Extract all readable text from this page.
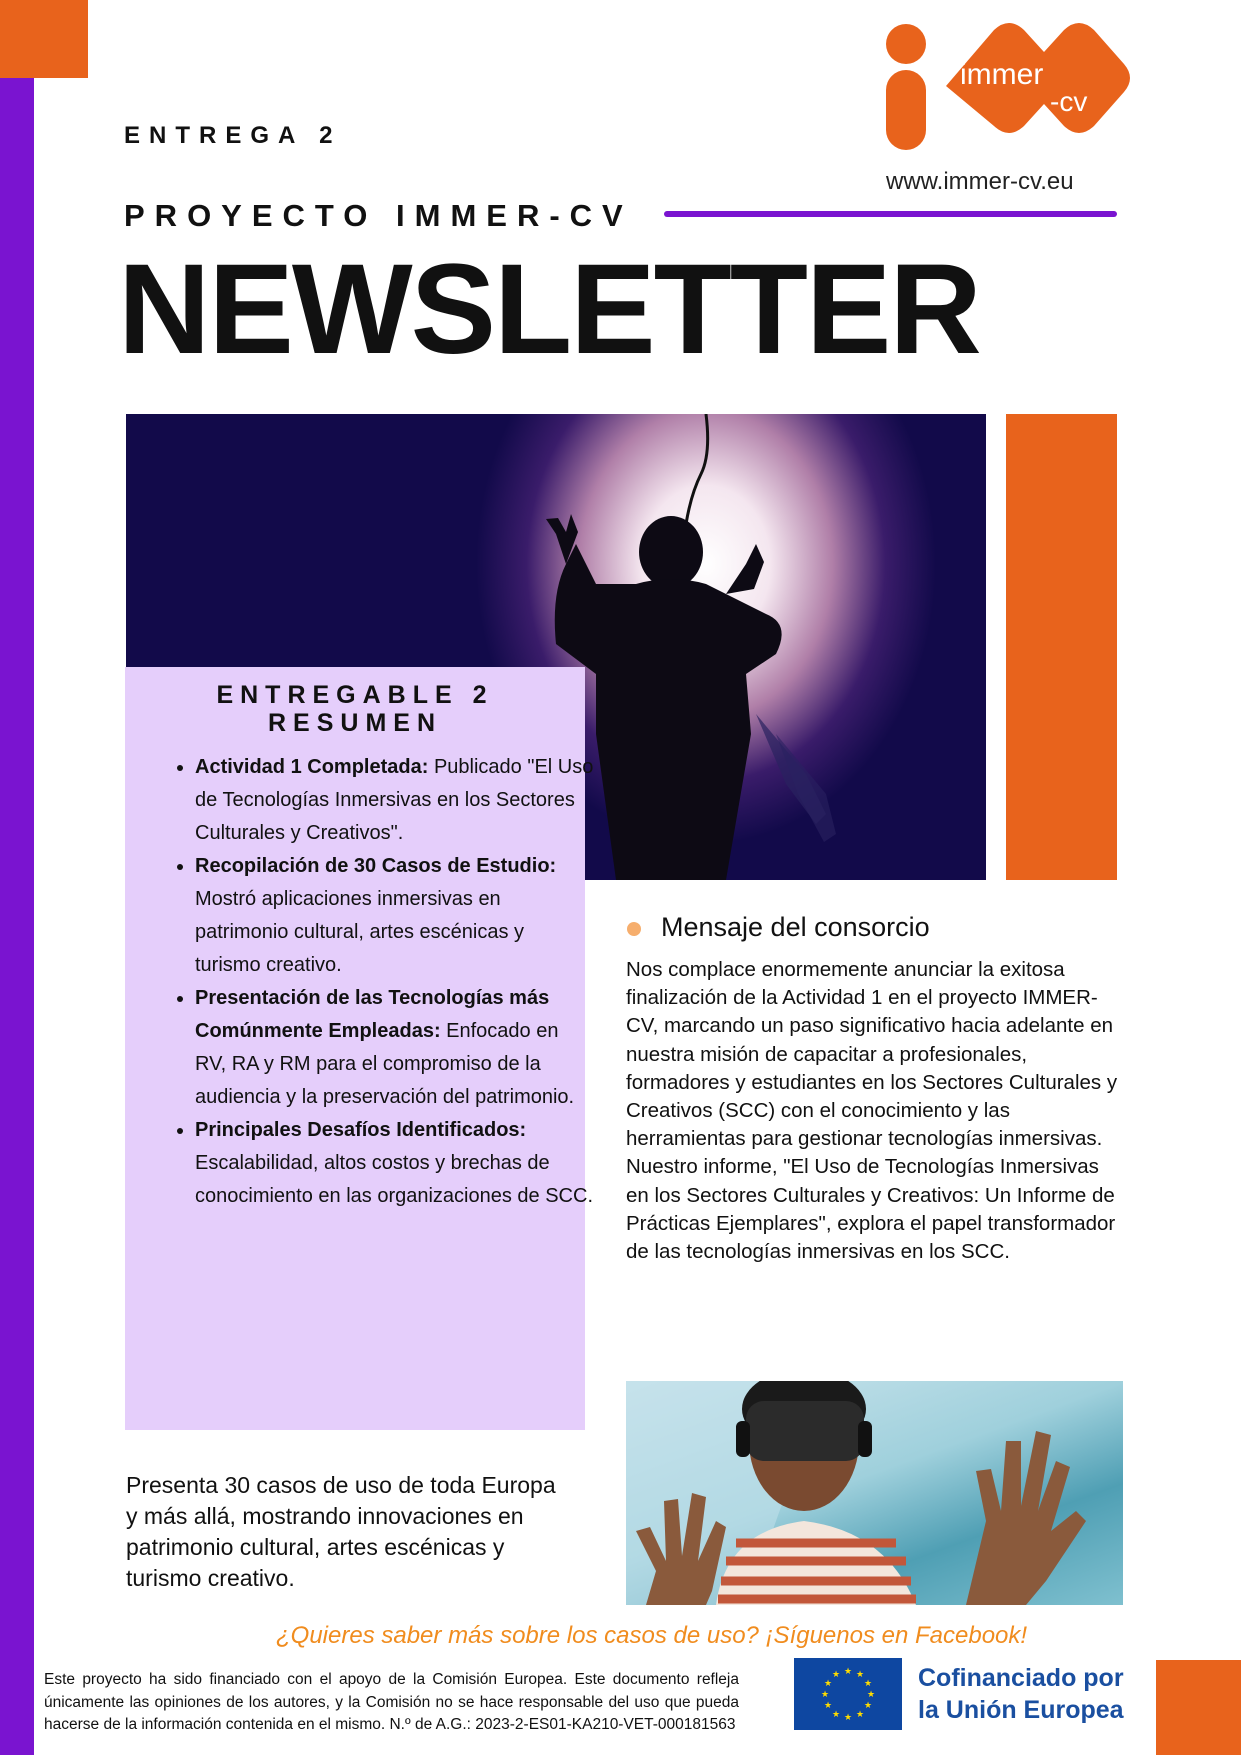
ENTREGA 2
PROYECTO IMMER-CV
NEWSLETTER
immer
-cv
www.immer-cv.eu
ENTREGABLE 2
RESUMEN
• Actividad 1 Completada: Publicado "El Uso de Tecnologías Inmersivas en los Sectores Culturales y Creativos".
• Recopilación de 30 Casos de Estudio: Mostró aplicaciones inmersivas en patrimonio cultural, artes escénicas y turismo creativo.
• Presentación de las Tecnologías más Comúnmente Empleadas: Enfocado en RV, RA y RM para el compromiso de la audiencia y la preservación del patrimonio.
• Principales Desafíos Identificados: Escalabilidad, altos costos y brechas de conocimiento en las organizaciones de SCC.
Mensaje del consorcio
Nos complace enormemente anunciar la exitosa finalización de la Actividad 1 en el proyecto IMMER-CV, marcando un paso significativo hacia adelante en nuestra misión de capacitar a profesionales, formadores y estudiantes en los Sectores Culturales y Creativos (SCC) con el conocimiento y las herramientas para gestionar tecnologías inmersivas. Nuestro informe, "El Uso de Tecnologías Inmersivas en los Sectores Culturales y Creativos: Un Informe de Prácticas Ejemplares", explora el papel transformador de las tecnologías inmersivas en los SCC.
Presenta 30 casos de uso de toda Europa y más allá, mostrando innovaciones en patrimonio cultural, artes escénicas y turismo creativo.
¿Quieres saber más sobre los casos de uso? ¡Síguenos en Facebook!
Este proyecto ha sido financiado con el apoyo de la Comisión Europea. Este documento refleja únicamente las opiniones de los autores, y la Comisión no se hace responsable del uso que pueda hacerse de la información contenida en el mismo. N.º de A.G.: 2023-2-ES01-KA210-VET-000181563
★ ★
★
★
★
★
★
★
★
★
★
★	Cofinanciado por
la Unión Europea
